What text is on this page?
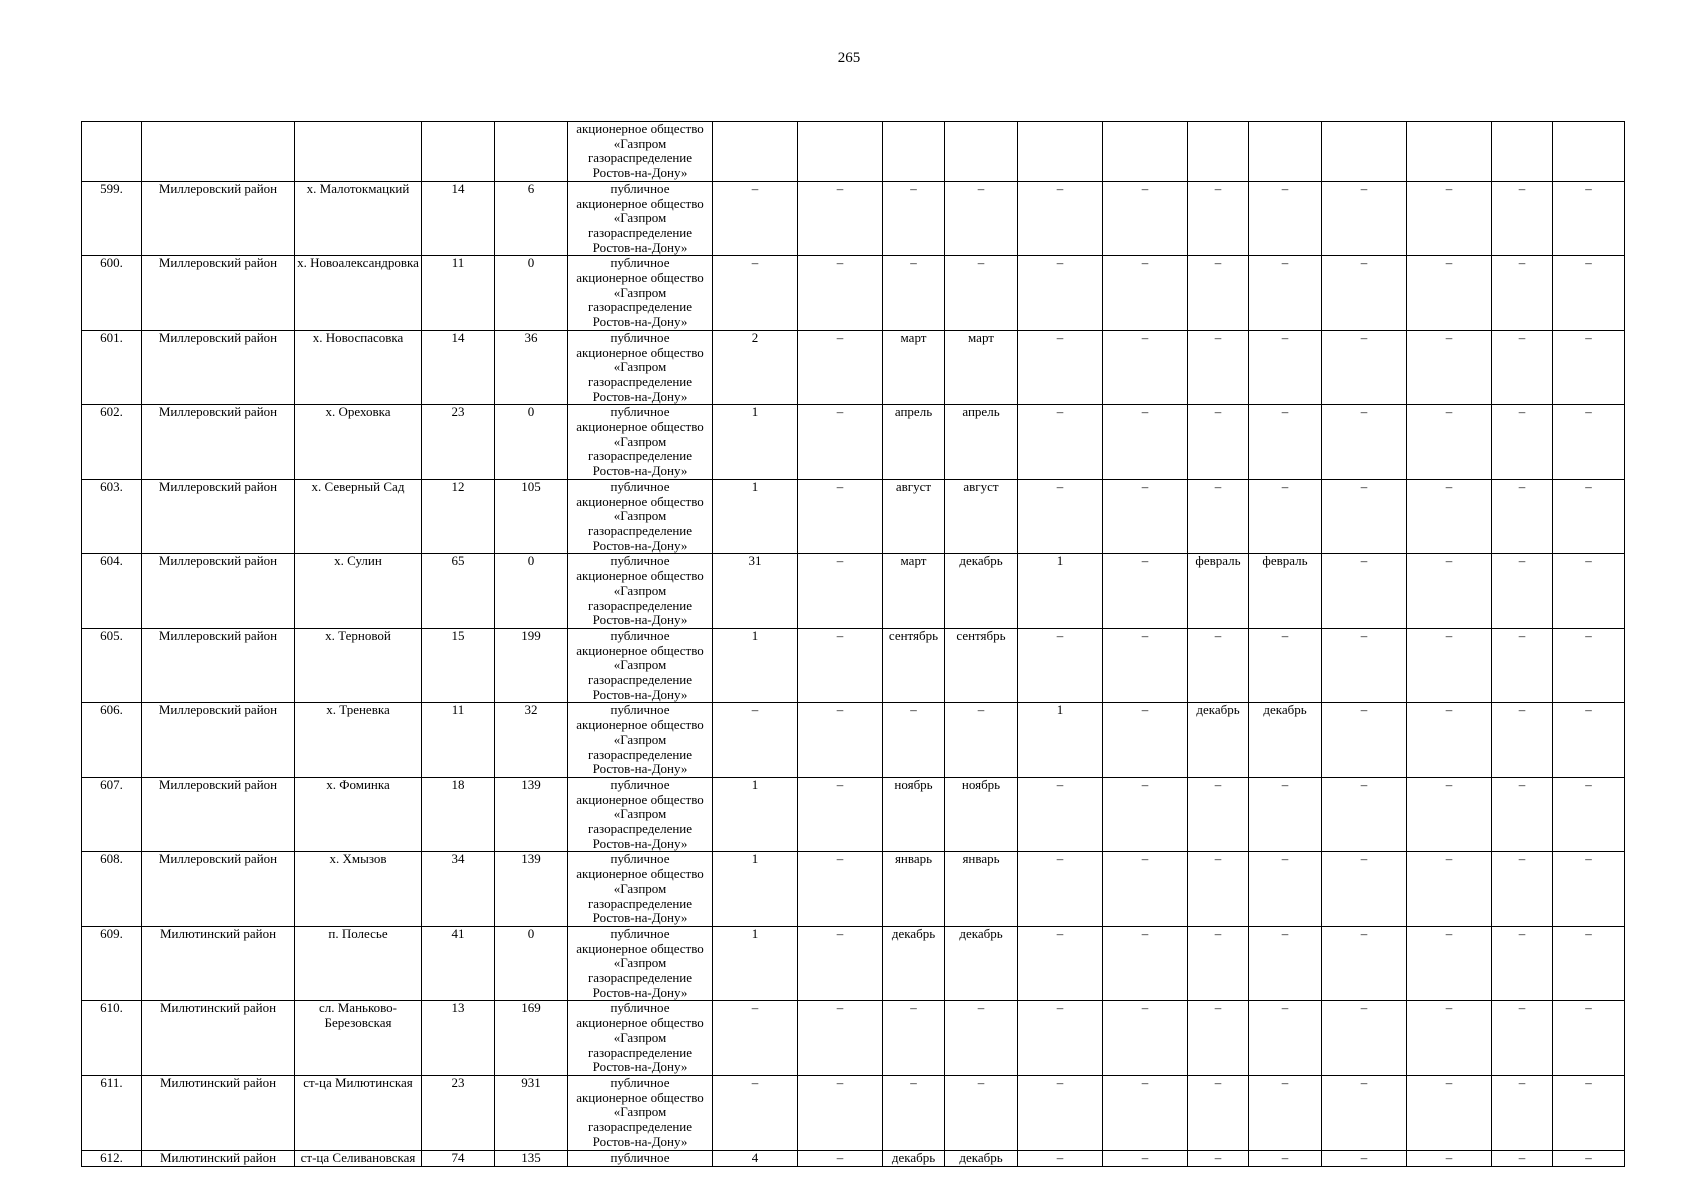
265

					акционерное общество
«Газпром
газораспределение
Ростов-на-Дону»												

599.	Миллеровский район	х. Малотокмацкий	14	6	публичное
акционерное общество
«Газпром
газораспределение
Ростов-на-Дону»	–	–	–	–	–	–	–	–	–	–	–	–
600.	Миллеровский район	х. Новоалександровка	11	0	публичное
акционерное общество
«Газпром
газораспределение
Ростов-на-Дону»	–	–	–	–	–	–	–	–	–	–	–	–
601.	Миллеровский район	х. Новоспасовка	14	36	публичное
акционерное общество
«Газпром
газораспределение
Ростов-на-Дону»	2	–	март	март	–	–	–	–	–	–	–	–
602.	Миллеровский район	х. Ореховка	23	0	публичное
акционерное общество
«Газпром
газораспределение
Ростов-на-Дону»	1	–	апрель	апрель	–	–	–	–	–	–	–	–
603.	Миллеровский район	х. Северный Сад	12	105	публичное
акционерное общество
«Газпром
газораспределение
Ростов-на-Дону»	1	–	август	август	–	–	–	–	–	–	–	–
604.	Миллеровский район	х. Сулин	65	0	публичное
акционерное общество
«Газпром
газораспределение
Ростов-на-Дону»	31	–	март	декабрь	1	–	февраль	февраль	–	–	–	–
605.	Миллеровский район	х. Терновой	15	199	публичное
акционерное общество
«Газпром
газораспределение
Ростов-на-Дону»	1	–	сентябрь	сентябрь	–	–	–	–	–	–	–	–
606.	Миллеровский район	х. Треневка	11	32	публичное
акционерное общество
«Газпром
газораспределение
Ростов-на-Дону»	–	–	–	–	1	–	декабрь	декабрь	–	–	–	–
607.	Миллеровский район	х. Фоминка	18	139	публичное
акционерное общество
«Газпром
газораспределение
Ростов-на-Дону»	1	–	ноябрь	ноябрь	–	–	–	–	–	–	–	–
608.	Миллеровский район	х. Хмызов	34	139	публичное
акционерное общество
«Газпром
газораспределение
Ростов-на-Дону»	1	–	январь	январь	–	–	–	–	–	–	–	–
609.	Милютинский район	п. Полесье	41	0	публичное
акционерное общество
«Газпром
газораспределение
Ростов-на-Дону»	1	–	декабрь	декабрь	–	–	–	–	–	–	–	–
610.	Милютинский район	сл. Маньково-Березовская	13	169	публичное
акционерное общество
«Газпром
газораспределение
Ростов-на-Дону»	–	–	–	–	–	–	–	–	–	–	–	–
611.	Милютинский район	ст-ца Милютинская	23	931	публичное
акционерное общество
«Газпром
газораспределение
Ростов-на-Дону»	–	–	–	–	–	–	–	–	–	–	–	–
612.	Милютинский район	ст-ца Селивановская	74	135	публичное	4	–	декабрь	декабрь	–	–	–	–	–	–	–	–
